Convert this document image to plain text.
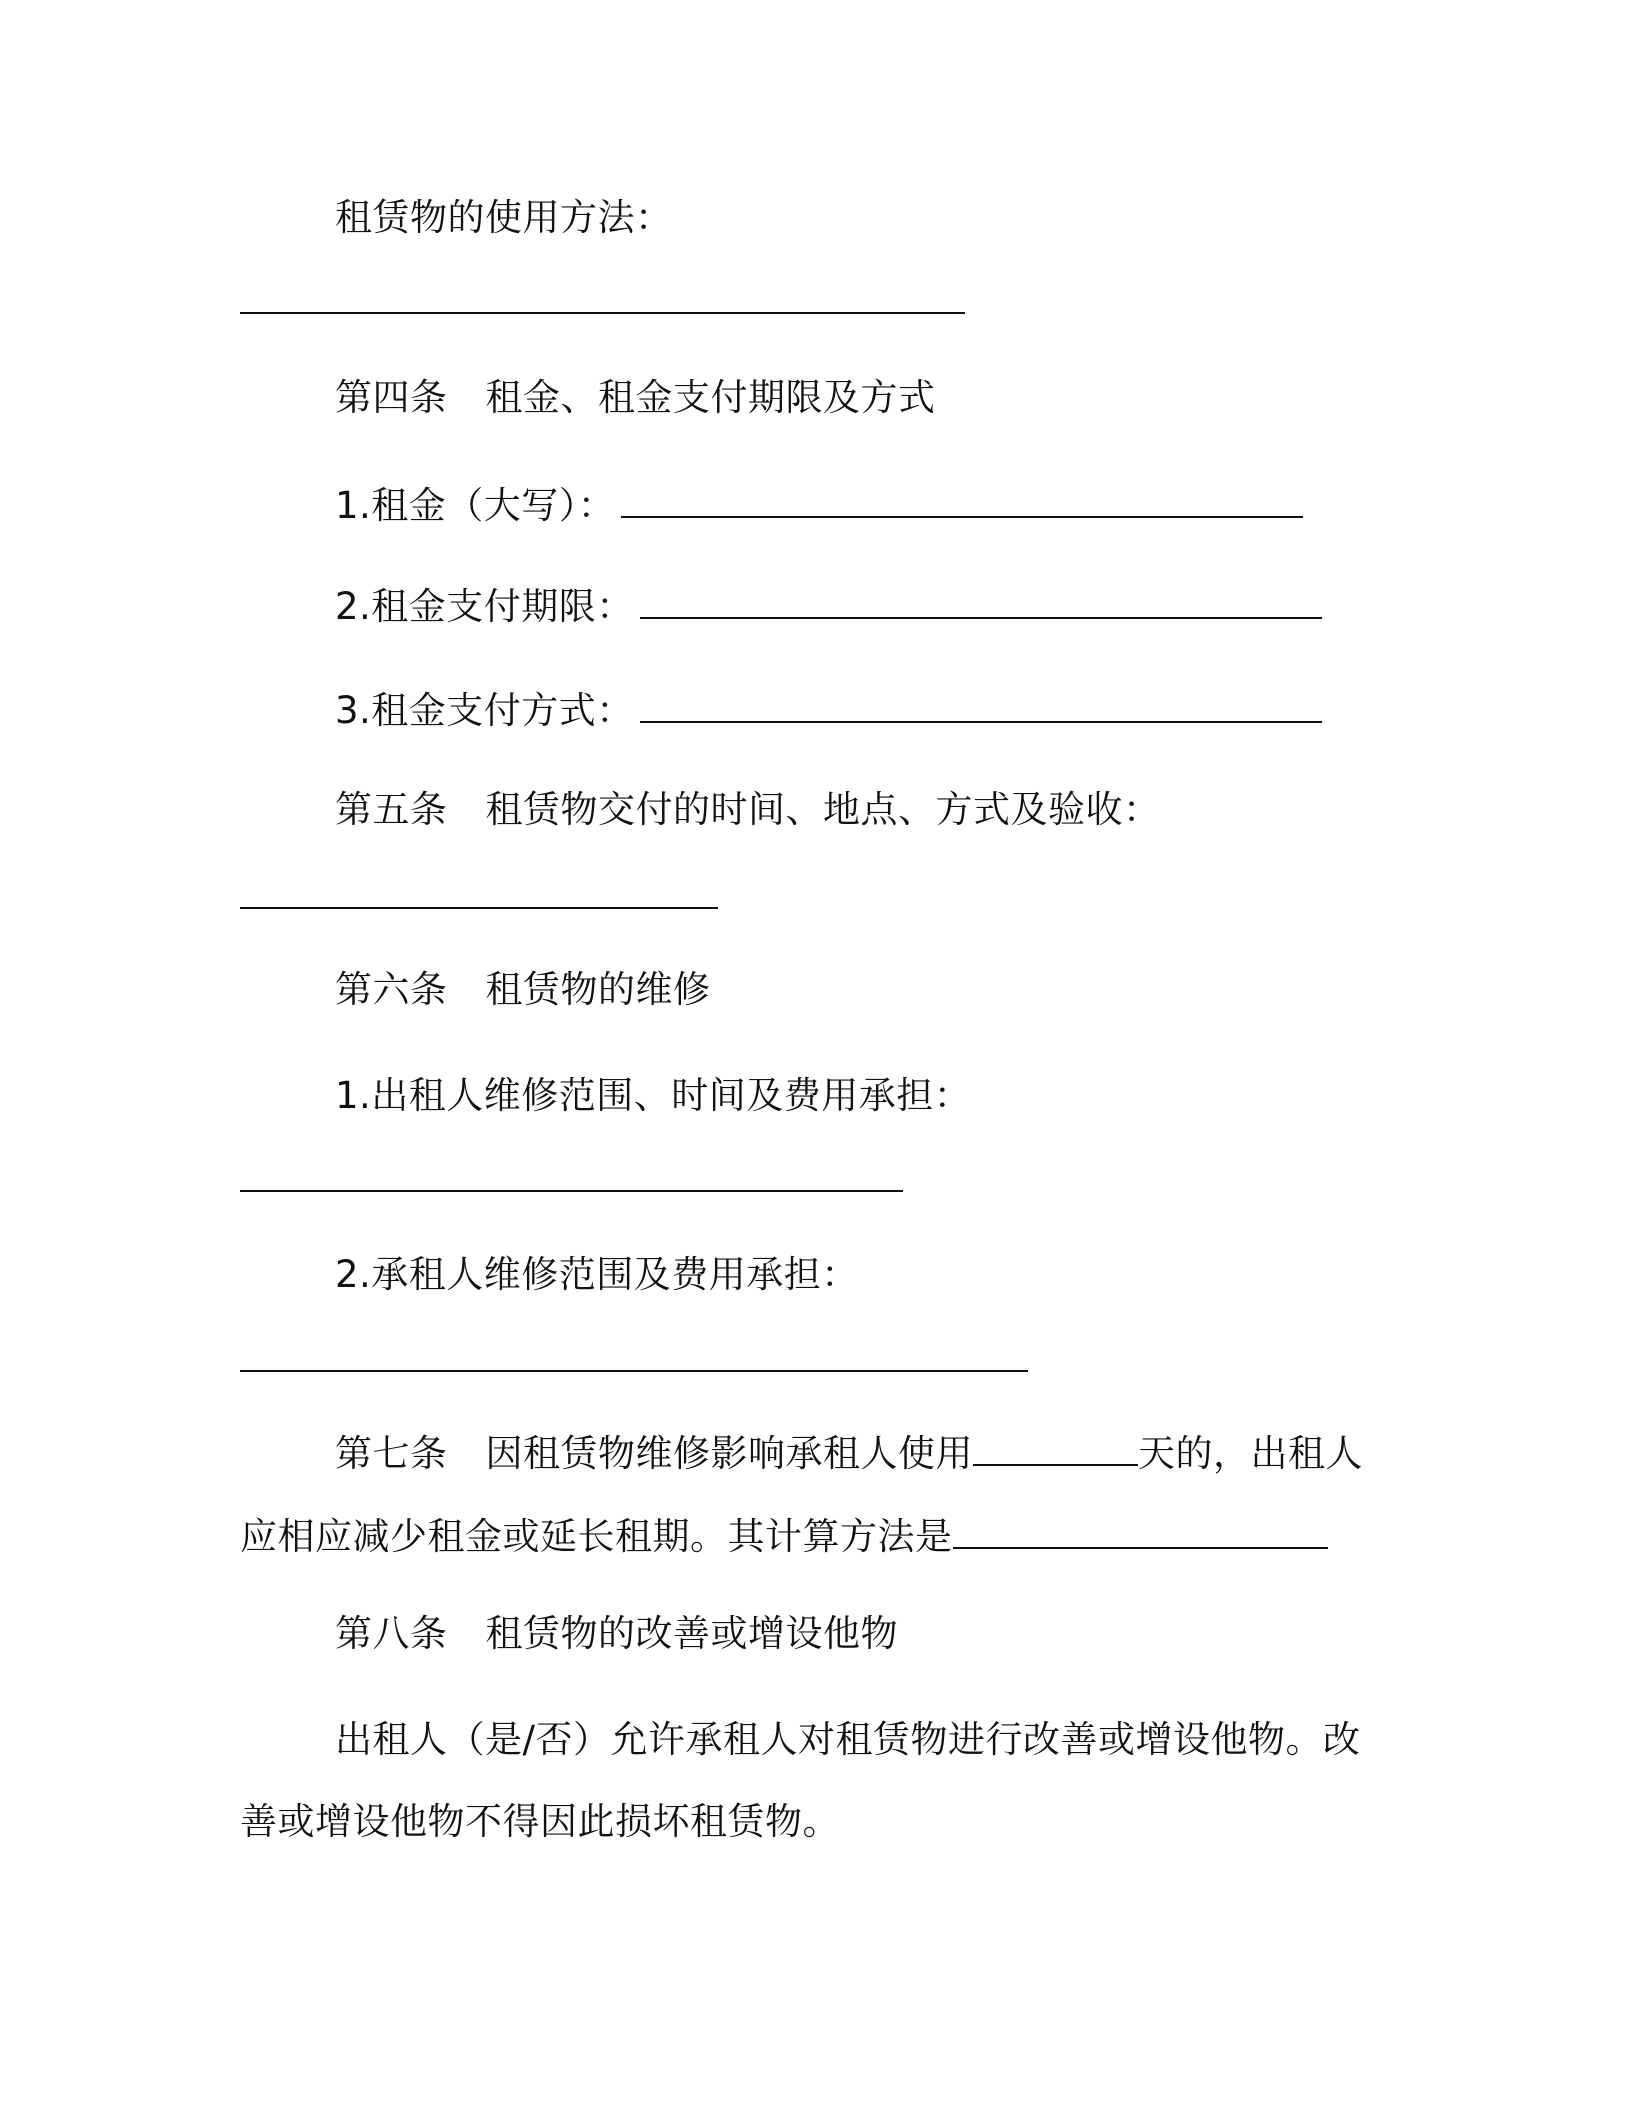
租赁物的使用方法：
第四条 租金、租金支付期限及方式
1.租金（大写）：
2.租金支付期限：
3.租金支付方式：
第五条 租赁物交付的时间、地点、方式及验收：
第六条 租赁物的维修
1.出租人维修范围、时间及费用承担：
2.承租人维修范围及费用承担：
第七条 因租赁物维修影响承租人使用	天的，出租人
应相应减少租金或延长租期。其计算方法是
第八条 租赁物的改善或增设他物
出租人（是/否）允许承租人对租赁物进行改善或增设他物。改
善或增设他物不得因此损坏租赁物。
